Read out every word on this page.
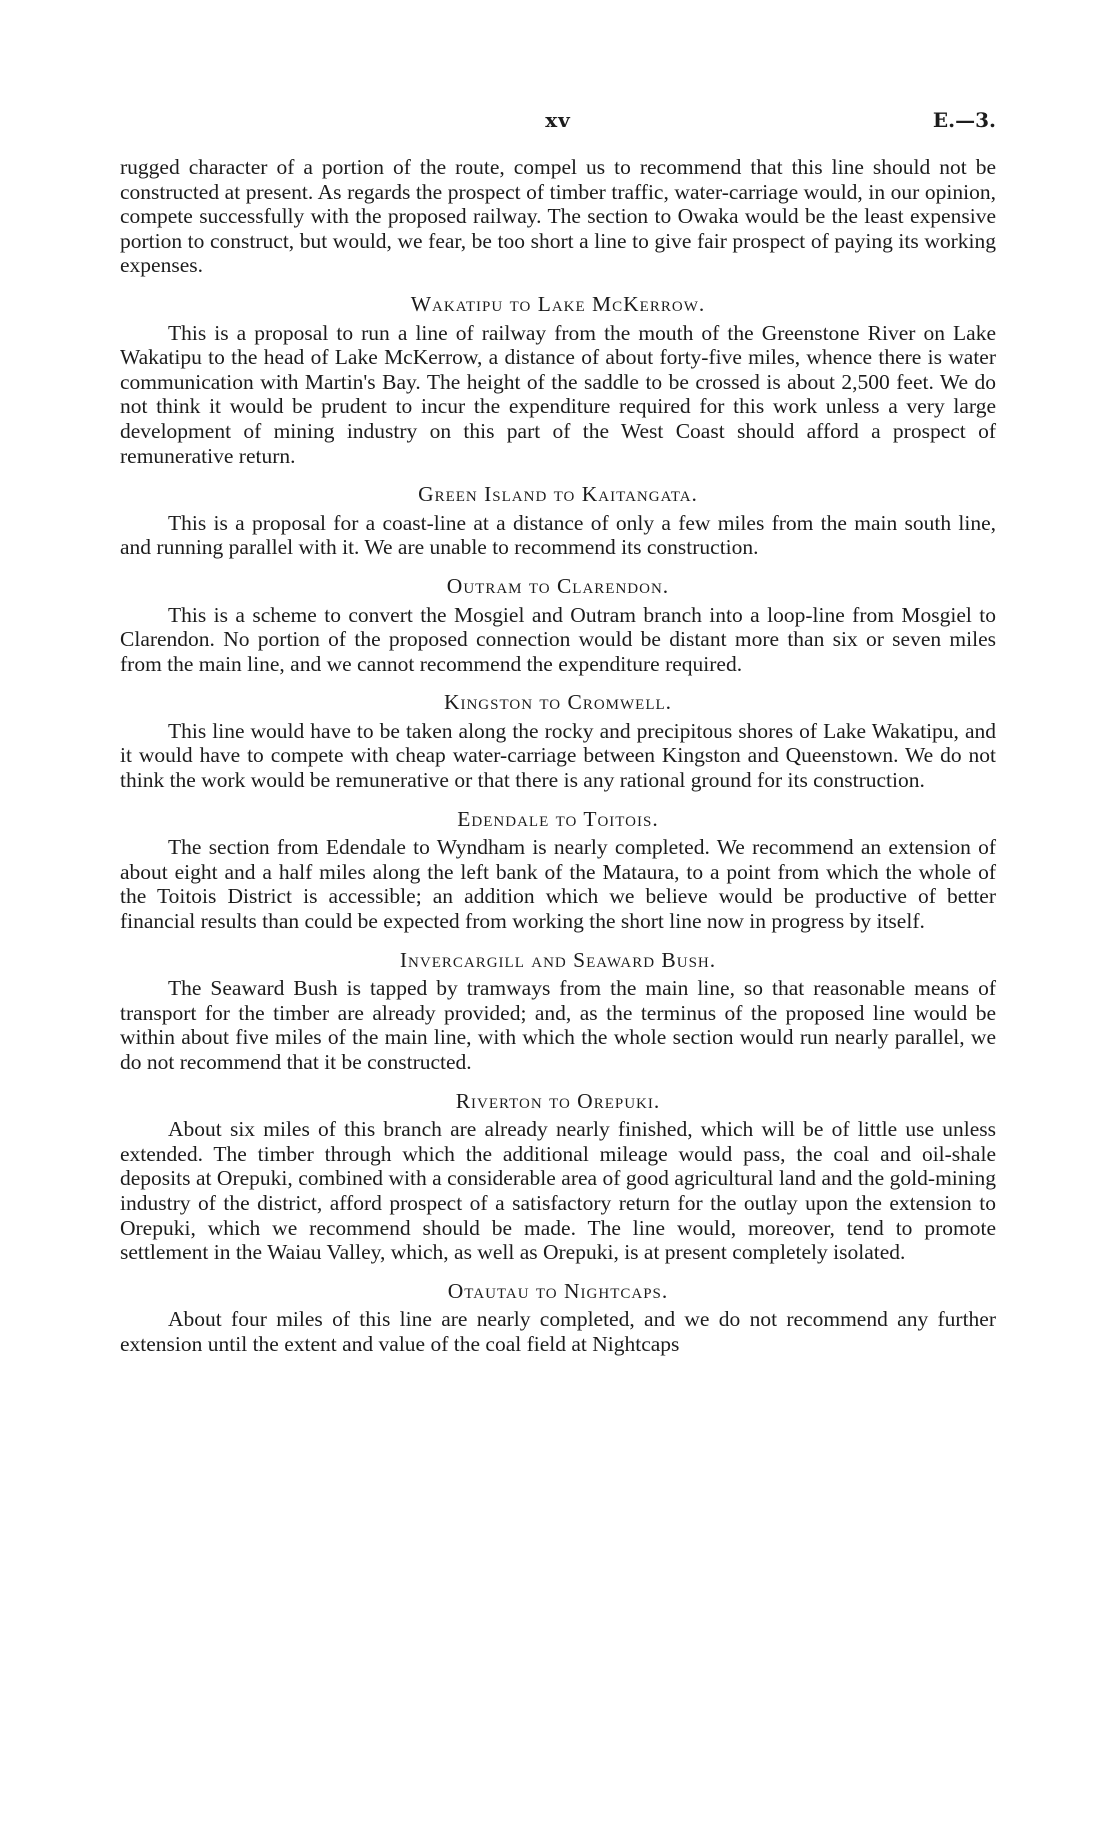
xv	E.—3.

rugged character of a portion of the route, compel us to recommend that this line should not be constructed at present. As regards the prospect of timber traffic, water-carriage would, in our opinion, compete successfully with the proposed railway. The section to Owaka would be the least expensive portion to construct, but would, we fear, be too short a line to give fair prospect of paying its working expenses.

Wakatipu to Lake McKerrow.

This is a proposal to run a line of railway from the mouth of the Greenstone River on Lake Wakatipu to the head of Lake McKerrow, a distance of about forty-five miles, whence there is water communication with Martin's Bay. The height of the saddle to be crossed is about 2,500 feet. We do not think it would be prudent to incur the expenditure required for this work unless a very large development of mining industry on this part of the West Coast should afford a prospect of remunerative return.

Green Island to Kaitangata.

This is a proposal for a coast-line at a distance of only a few miles from the main south line, and running parallel with it. We are unable to recommend its construction.

Outram to Clarendon.

This is a scheme to convert the Mosgiel and Outram branch into a loop-line from Mosgiel to Clarendon. No portion of the proposed connection would be distant more than six or seven miles from the main line, and we cannot recommend the expenditure required.

Kingston to Cromwell.

This line would have to be taken along the rocky and precipitous shores of Lake Wakatipu, and it would have to compete with cheap water-carriage between Kingston and Queenstown. We do not think the work would be remunerative or that there is any rational ground for its construction.

Edendale to Toitois.

The section from Edendale to Wyndham is nearly completed. We recommend an extension of about eight and a half miles along the left bank of the Mataura, to a point from which the whole of the Toitois District is accessible; an addition which we believe would be productive of better financial results than could be expected from working the short line now in progress by itself.

Invercargill and Seaward Bush.

The Seaward Bush is tapped by tramways from the main line, so that reasonable means of transport for the timber are already provided; and, as the terminus of the proposed line would be within about five miles of the main line, with which the whole section would run nearly parallel, we do not recommend that it be constructed.

Riverton to Orepuki.

About six miles of this branch are already nearly finished, which will be of little use unless extended. The timber through which the additional mileage would pass, the coal and oil-shale deposits at Orepuki, combined with a considerable area of good agricultural land and the gold-mining industry of the district, afford prospect of a satisfactory return for the outlay upon the extension to Orepuki, which we recommend should be made. The line would, moreover, tend to promote settlement in the Waiau Valley, which, as well as Orepuki, is at present completely isolated.

Otautau to Nightcaps.

About four miles of this line are nearly completed, and we do not recommend any further extension until the extent and value of the coal field at Nightcaps
